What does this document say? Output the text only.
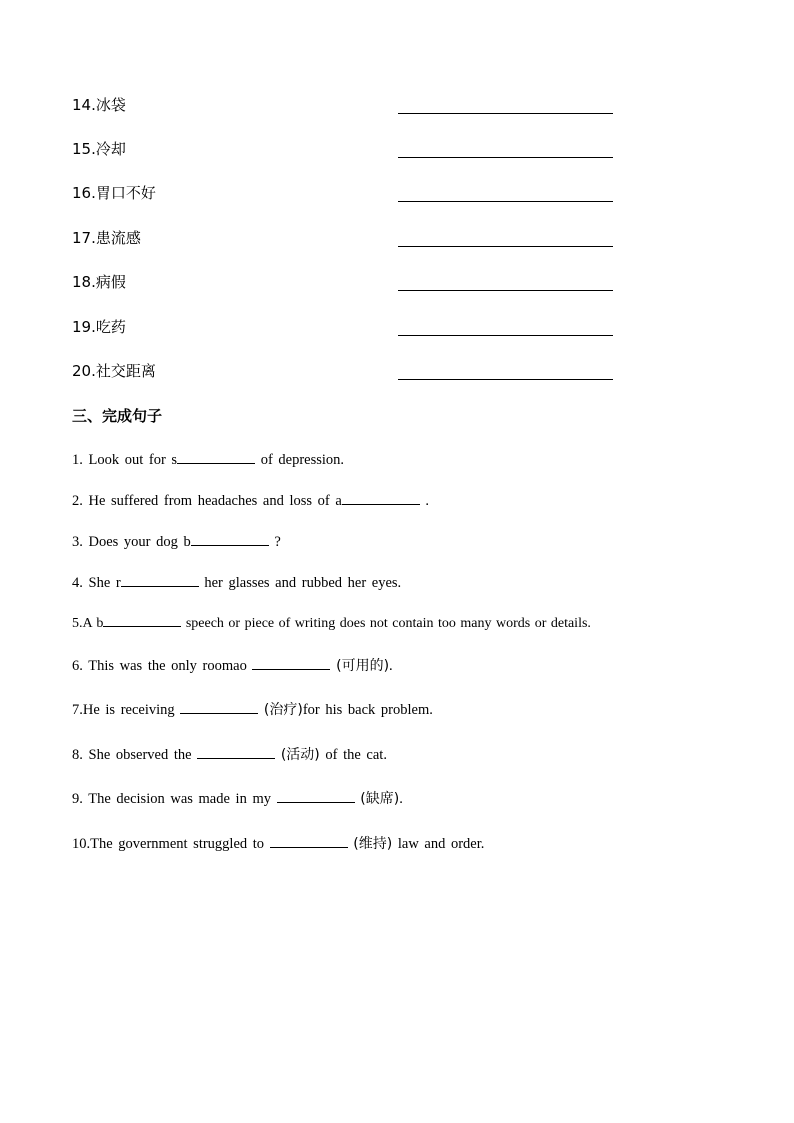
14.冰袋
15.冷却
16.胃口不好
17.患流感
18.病假
19.吃药
20.社交距离
三、完成句子
1. Look out for s	of depression.
2. He suffered from headaches and loss of a	.
3. Does your dog b	?
4. She r	her glasses and rubbed her eyes.
5.A b	speech or piece of writing does not contain too many words or details.
6. This was the only roomao	(可用的).
7.He is receiving	(治疗)for his back problem.
8. She observed the	(活动) of the cat.
9. The decision was made in my	(缺席).
10.The government struggled to	(维持) law and order.
